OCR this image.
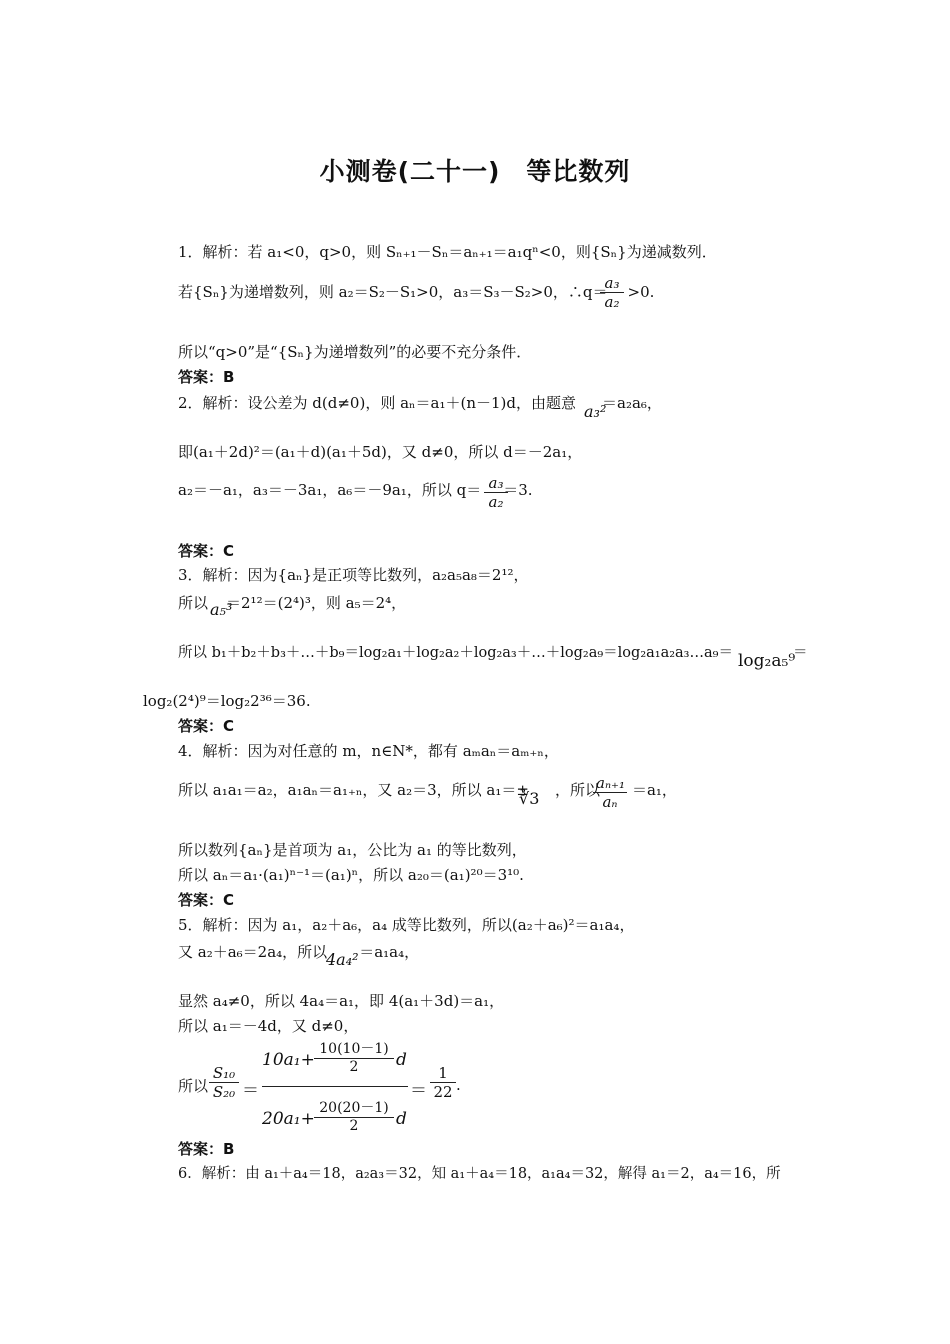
小测卷(二十一)　等比数列
1．解析：若 a₁<0，q>0，则 Sₙ₊₁－Sₙ＝aₙ₊₁＝a₁qⁿ<0，则{Sₙ}为递减数列．
若{Sₙ}为递增数列，则 a₂＝S₂－S₁>0，a₃＝S₃－S₂>0，∴q＝ >0.
a₃
a₂
所以“q>0”是“{Sₙ}为递增数列”的必要不充分条件．
答案：B
2．解析：设公差为 d(d≠0)，则 aₙ＝a₁＋(n－1)d，由题意 ＝a₂a₆，
a₃²
即(a₁＋2d)²＝(a₁＋d)(a₁＋5d)，又 d≠0，所以 d＝－2a₁，
a₂＝－a₁，a₃＝－3a₁，a₆＝－9a₁，所以 q＝ ＝3.
a₃
a₂
答案：C
3．解析：因为{aₙ}是正项等比数列，a₂a₅a₈＝2¹²，
所以 ＝2¹²＝(2⁴)³，则 a₅＝2⁴，
a₅³
所以 b₁＋b₂＋b₃＋…＋b₉＝log₂a₁＋log₂a₂＋log₂a₃＋…＋log₂a₉＝log₂a₁a₂a₃…a₉＝	＝
log₂a₅⁹
log₂(2⁴)⁹＝log₂2³⁶＝36.
答案：C
4．解析：因为对任意的 m，n∈N*，都有 aₘaₙ＝aₘ₊ₙ，
所以 a₁a₁＝a₂，a₁aₙ＝a₁₊ₙ，又 a₂＝3，所以 a₁＝± ，所以 ＝a₁，
∛3
aₙ₊₁
aₙ
所以数列{aₙ}是首项为 a₁，公比为 a₁ 的等比数列，
所以 aₙ＝a₁·(a₁)ⁿ⁻¹＝(a₁)ⁿ，所以 a₂₀＝(a₁)²⁰＝3¹⁰.
答案：C
5．解析：因为 a₁，a₂＋a₆，a₄ 成等比数列，所以(a₂＋a₆)²＝a₁a₄，
又 a₂＋a₆＝2a₄，所以 ＝a₁a₄，
4a₄²
显然 a₄≠0，所以 4a₄＝a₁，即 4(a₁＋3d)＝a₁，
所以 a₁＝－4d，又 d≠0，
所以
S₁₀
S₂₀ ＝
10a₁+
10(10－1)
2	d
20a₁+
20(20－1)
2	d
＝
1
22 .
答案：B
6．解析：由 a₁＋a₄＝18，a₂a₃＝32，知 a₁＋a₄＝18，a₁a₄＝32，解得 a₁＝2，a₄＝16，所
